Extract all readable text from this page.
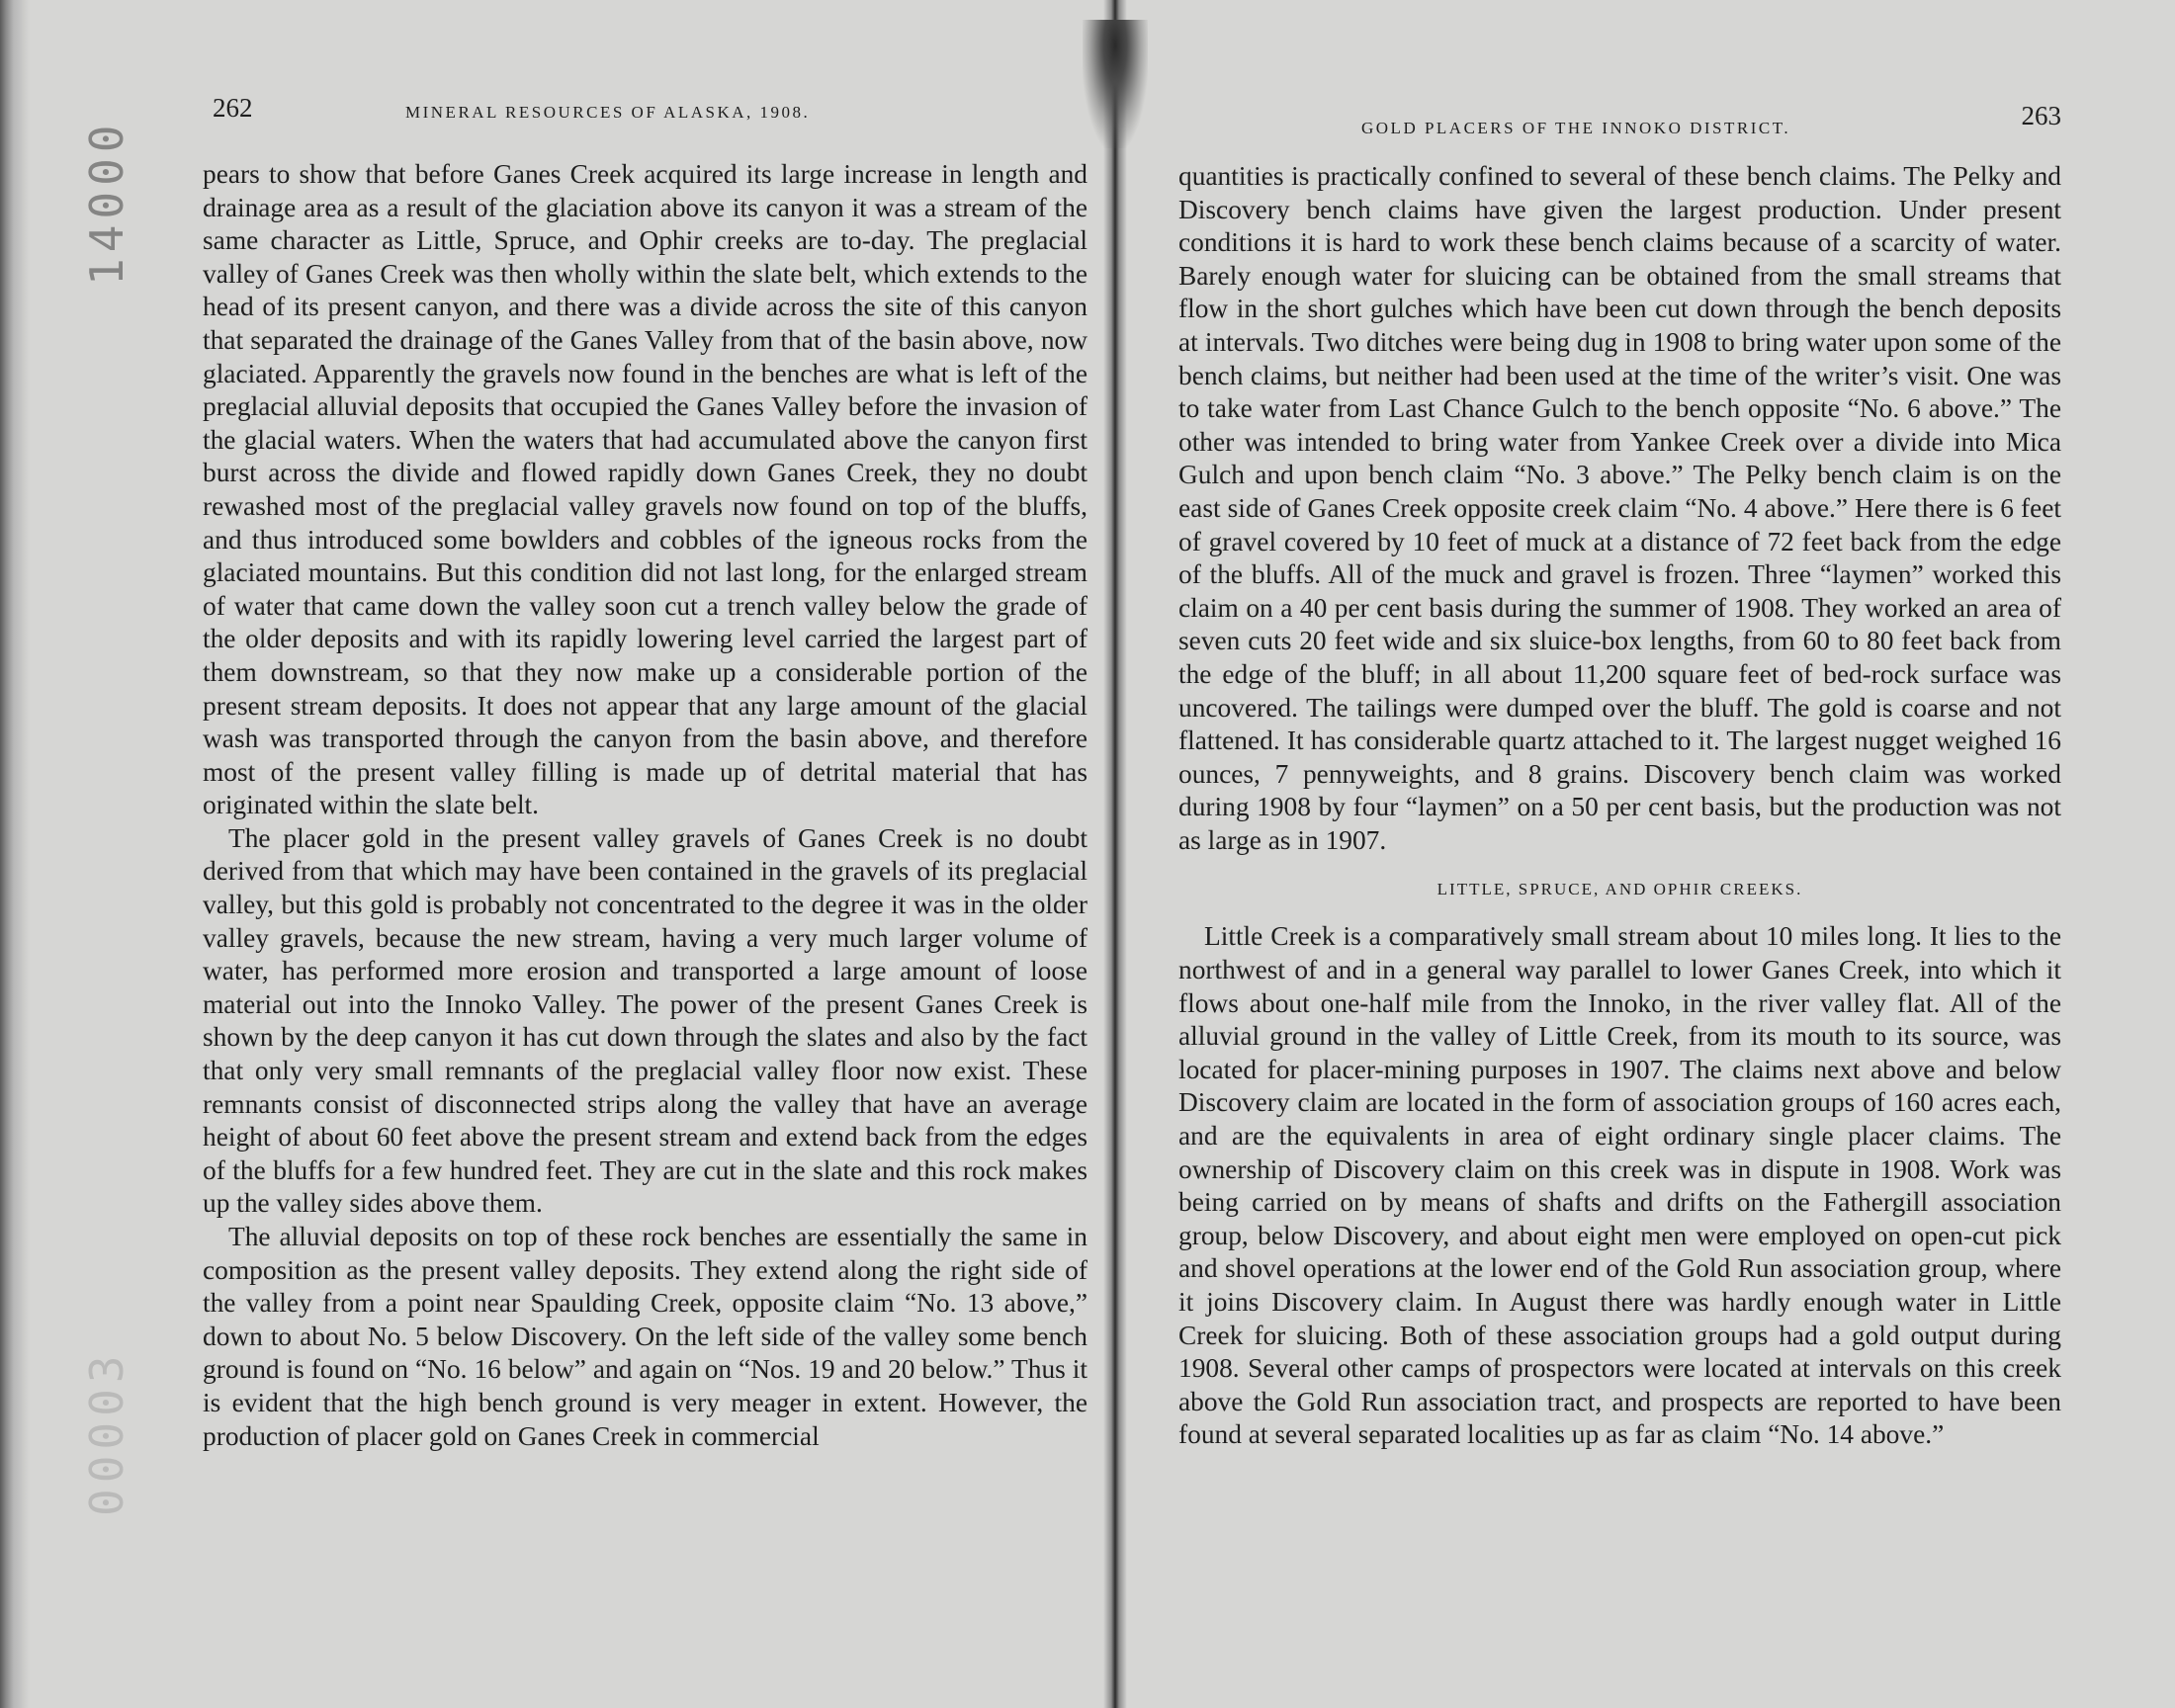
14000
00003
262	MINERAL RESOURCES OF ALASKA, 1908.

pears to show that before Ganes Creek acquired its large increase in length and drainage area as a result of the glaciation above its canyon it was a stream of the same character as Little, Spruce, and Ophir creeks are to-day. The preglacial valley of Ganes Creek was then wholly within the slate belt, which extends to the head of its present canyon, and there was a divide across the site of this canyon that separated the drainage of the Ganes Valley from that of the basin above, now glaciated. Apparently the gravels now found in the benches are what is left of the preglacial alluvial deposits that occupied the Ganes Valley before the invasion of the glacial waters. When the waters that had accumulated above the canyon first burst across the divide and flowed rapidly down Ganes Creek, they no doubt rewashed most of the preglacial valley gravels now found on top of the bluffs, and thus introduced some bowlders and cobbles of the igneous rocks from the glaciated mountains. But this condition did not last long, for the enlarged stream of water that came down the valley soon cut a trench valley below the grade of the older deposits and with its rapidly lowering level carried the largest part of them downstream, so that they now make up a considerable portion of the present stream deposits. It does not appear that any large amount of the glacial wash was transported through the canyon from the basin above, and therefore most of the present valley filling is made up of detrital material that has originated within the slate belt.

The placer gold in the present valley gravels of Ganes Creek is no doubt derived from that which may have been contained in the gravels of its preglacial valley, but this gold is probably not concentrated to the degree it was in the older valley gravels, because the new stream, having a very much larger volume of water, has performed more erosion and transported a large amount of loose material out into the Innoko Valley. The power of the present Ganes Creek is shown by the deep canyon it has cut down through the slates and also by the fact that only very small remnants of the preglacial valley floor now exist. These remnants consist of disconnected strips along the valley that have an average height of about 60 feet above the present stream and extend back from the edges of the bluffs for a few hundred feet. They are cut in the slate and this rock makes up the valley sides above them.

The alluvial deposits on top of these rock benches are essentially the same in composition as the present valley deposits. They extend along the right side of the valley from a point near Spaulding Creek, opposite claim “No. 13 above,” down to about No. 5 below Discovery. On the left side of the valley some bench ground is found on “No. 16 below” and again on “Nos. 19 and 20 below.” Thus it is evident that the high bench ground is very meager in extent. However, the production of placer gold on Ganes Creek in commercial

GOLD PLACERS OF THE INNOKO DISTRICT.	263

quantities is practically confined to several of these bench claims. The Pelky and Discovery bench claims have given the largest production. Under present conditions it is hard to work these bench claims because of a scarcity of water. Barely enough water for sluicing can be obtained from the small streams that flow in the short gulches which have been cut down through the bench deposits at intervals. Two ditches were being dug in 1908 to bring water upon some of the bench claims, but neither had been used at the time of the writer’s visit. One was to take water from Last Chance Gulch to the bench opposite “No. 6 above.” The other was intended to bring water from Yankee Creek over a divide into Mica Gulch and upon bench claim “No. 3 above.” The Pelky bench claim is on the east side of Ganes Creek opposite creek claim “No. 4 above.” Here there is 6 feet of gravel covered by 10 feet of muck at a distance of 72 feet back from the edge of the bluffs. All of the muck and gravel is frozen. Three “laymen” worked this claim on a 40 per cent basis during the summer of 1908. They worked an area of seven cuts 20 feet wide and six sluice-box lengths, from 60 to 80 feet back from the edge of the bluff; in all about 11,200 square feet of bed-rock surface was uncovered. The tailings were dumped over the bluff. The gold is coarse and not flattened. It has considerable quartz attached to it. The largest nugget weighed 16 ounces, 7 pennyweights, and 8 grains. Discovery bench claim was worked during 1908 by four “laymen” on a 50 per cent basis, but the production was not as large as in 1907.

LITTLE, SPRUCE, AND OPHIR CREEKS.

Little Creek is a comparatively small stream about 10 miles long. It lies to the northwest of and in a general way parallel to lower Ganes Creek, into which it flows about one-half mile from the Innoko, in the river valley flat. All of the alluvial ground in the valley of Little Creek, from its mouth to its source, was located for placer-mining purposes in 1907. The claims next above and below Discovery claim are located in the form of association groups of 160 acres each, and are the equivalents in area of eight ordinary single placer claims. The ownership of Discovery claim on this creek was in dispute in 1908. Work was being carried on by means of shafts and drifts on the Fathergill association group, below Discovery, and about eight men were employed on open-cut pick and shovel operations at the lower end of the Gold Run association group, where it joins Discovery claim. In August there was hardly enough water in Little Creek for sluicing. Both of these association groups had a gold output during 1908. Several other camps of prospectors were located at intervals on this creek above the Gold Run association tract, and prospects are reported to have been found at several separated localities up as far as claim “No. 14 above.”
